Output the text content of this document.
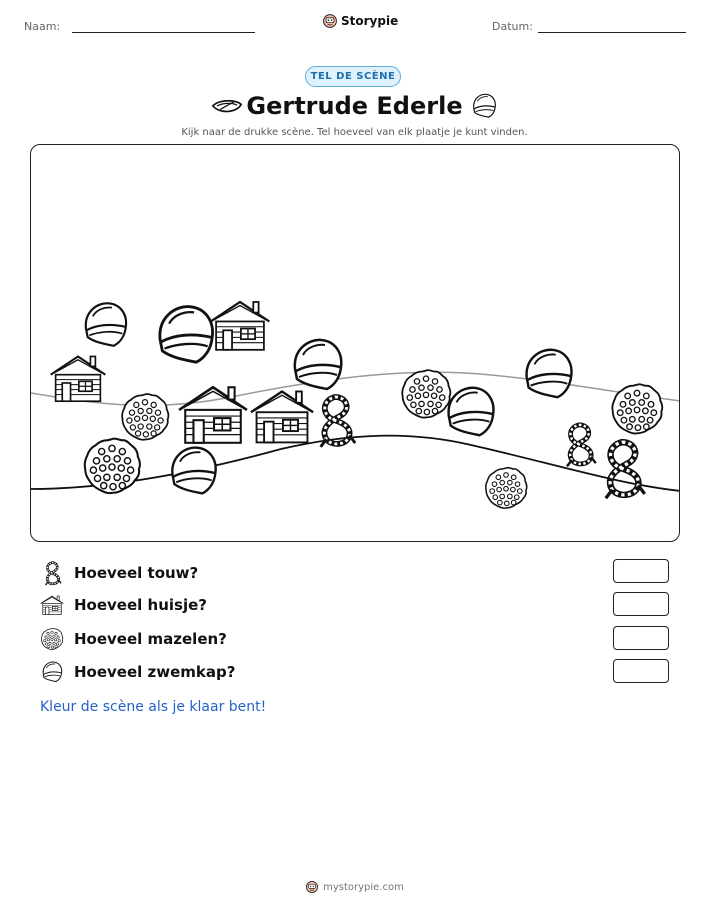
Naam:	Storypie	Datum:
TEL DE SCÈNE
Gertrude Ederle
Kijk naar de drukke scène. Tel hoeveel van elk plaatje je kunt vinden.
Hoeveel touw?
Hoeveel huisje?
Hoeveel mazelen?
Hoeveel zwemkap?
Kleur de scène als je klaar bent!
mystorypie.com
